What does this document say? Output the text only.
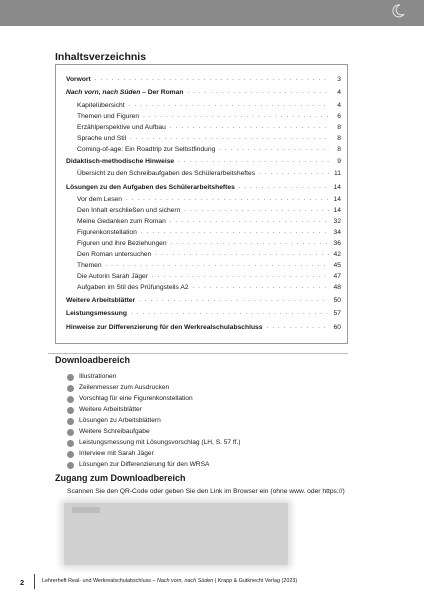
Inhaltsverzeichnis
Vorwort . . .	3
Nach vorn, nach Süden – Der Roman . . .	4
Kapitelübersicht . . .	4
Themen und Figuren . . .	6
Erzählperspektive und Aufbau . . .	8
Sprache und Stil . . .	8
Coming-of-age: Ein Roadtrip zur Selbstfindung . . .	8
Didaktisch-methodische Hinweise . . .	9
Übersicht zu den Schreibaufgaben des Schülerarbeitsheftes . . .	11
Lösungen zu den Aufgaben des Schülerarbeitsheftes . . .	14
Vor dem Lesen . . .	14
Den Inhalt erschließen und sichern . . .	14
Meine Gedanken zum Roman . . .	32
Figurenkonstellation . . .	34
Figuren und ihre Beziehungen . . .	36
Den Roman untersuchen . . .	42
Themen . . .	45
Die Autorin Sarah Jäger . . .	47
Aufgaben im Stil des Prüfungsteils A2 . . .	48
Weitere Arbeitsblätter . . .	50
Leistungsmessung . . .	57
Hinweise zur Differenzierung für den Werkrealschulabschluss . . .	60
Downloadbereich
Illustrationen
Zeilenmesser zum Ausdrucken
Vorschlag für eine Figurenkonstellation
Weitere Arbeitsblätter
Lösungen zu Arbeitsblättern
Weitere Schreibaufgabe
Leistungsmessung mit Lösungsvorschlag (LH, S. 57 ff.)
Interview mit Sarah Jäger
Lösungen zur Differenzierung für den WRSA
Zugang zum Downloadbereich
Scannen Sie den QR-Code oder geben Sie den Link im Browser ein (ohne www. oder https://)
2	Lehrerheft Real- und Werkrealschulabschluss – Nach vorn, nach Süden | Krapp & Gutknecht Verlag (2023)
